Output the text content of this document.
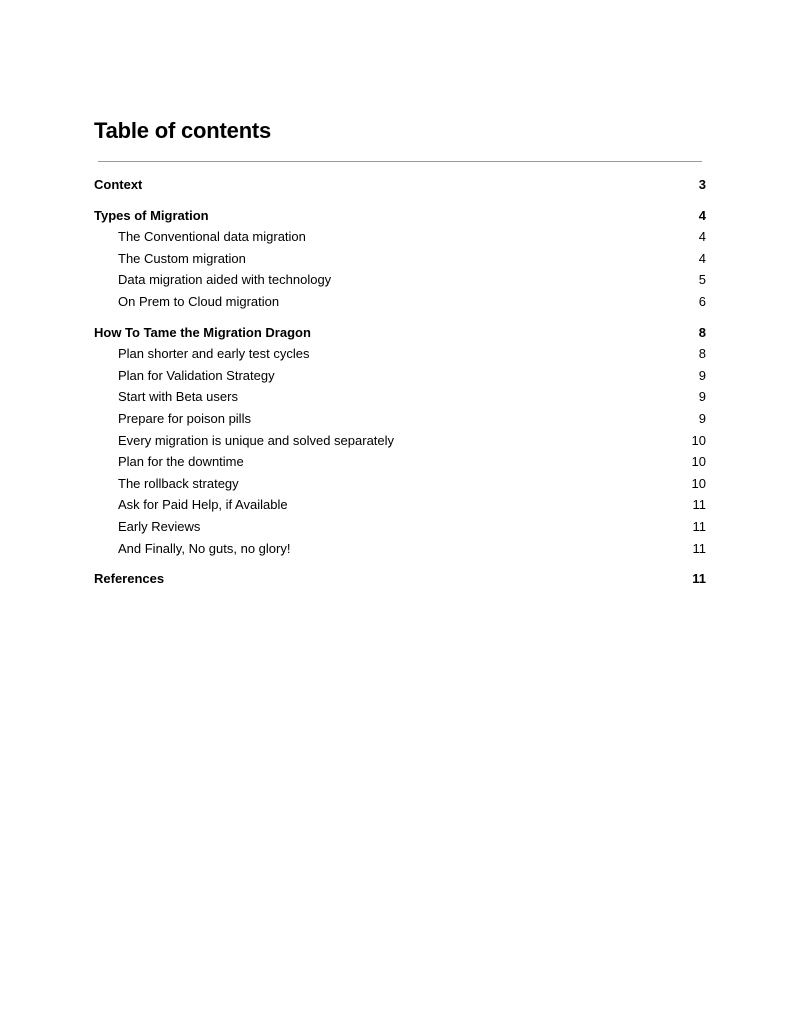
Table of contents
Context	3
Types of Migration	4
The Conventional data migration	4
The Custom migration	4
Data migration aided with technology	5
On Prem to Cloud migration	6
How To Tame the Migration Dragon	8
Plan shorter and early test cycles	8
Plan for Validation Strategy	9
Start with Beta users	9
Prepare for poison pills	9
Every migration is unique and solved separately	10
Plan for the downtime	10
The rollback strategy	10
Ask for Paid Help, if Available	11
Early Reviews	11
And Finally, No guts, no glory!	11
References	11
